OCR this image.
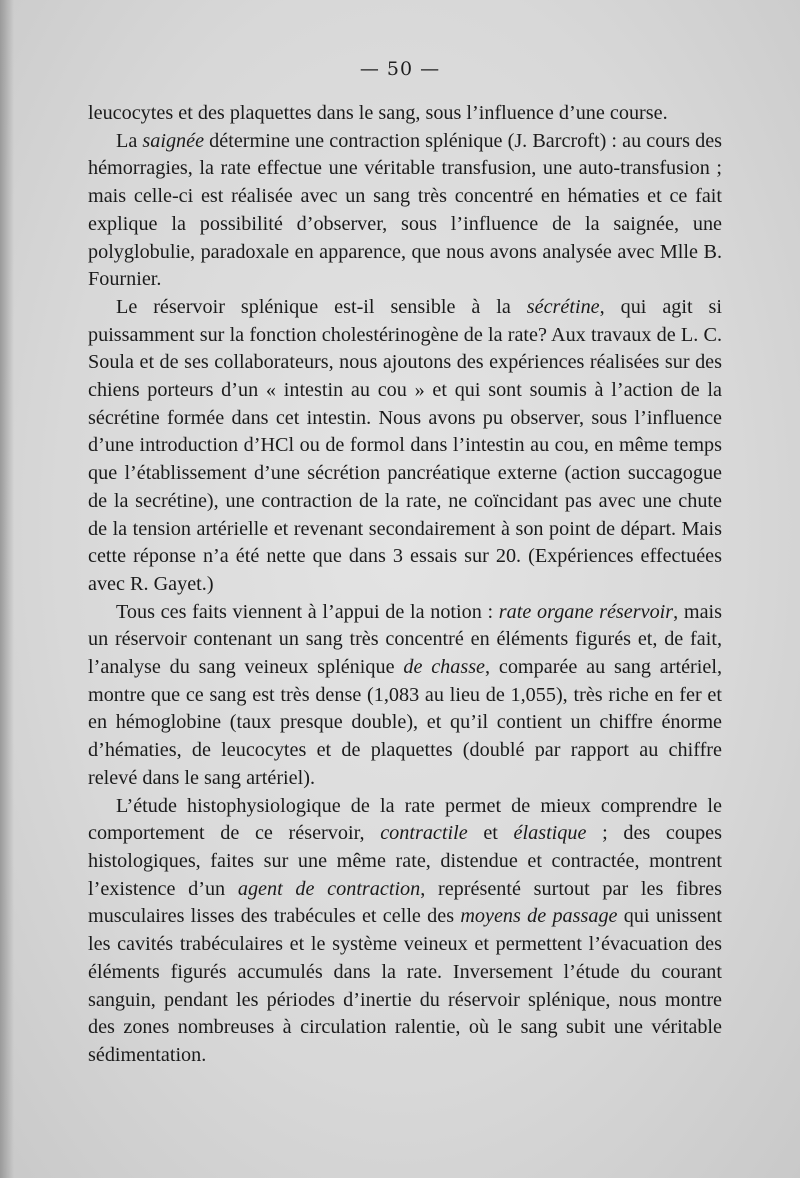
— 50 —

leucocytes et des plaquettes dans le sang, sous l’influence d’une course.

La saignée détermine une contraction splénique (J. Barcroft) : au cours des hémorragies, la rate effectue une véritable transfusion, une auto-transfusion ; mais celle-ci est réalisée avec un sang très concentré en hématies et ce fait explique la possibilité d’observer, sous l’influence de la saignée, une polyglobulie, paradoxale en apparence, que nous avons analysée avec Mlle B. Fournier.

Le réservoir splénique est-il sensible à la sécrétine, qui agit si puissamment sur la fonction cholestérinogène de la rate? Aux travaux de L. C. Soula et de ses collaborateurs, nous ajoutons des expériences réalisées sur des chiens porteurs d’un « intestin au cou » et qui sont soumis à l’action de la sécrétine formée dans cet intestin. Nous avons pu observer, sous l’influence d’une introduction d’HCl ou de formol dans l’intestin au cou, en même temps que l’établissement d’une sécrétion pancréatique externe (action succagogue de la secrétine), une contraction de la rate, ne coïncidant pas avec une chute de la tension artérielle et revenant secondairement à son point de départ. Mais cette réponse n’a été nette que dans 3 essais sur 20. (Expériences effectuées avec R. Gayet.)

Tous ces faits viennent à l’appui de la notion : rate organe réservoir, mais un réservoir contenant un sang très concentré en éléments figurés et, de fait, l’analyse du sang veineux splénique de chasse, comparée au sang artériel, montre que ce sang est très dense (1,083 au lieu de 1,055), très riche en fer et en hémoglobine (taux presque double), et qu’il contient un chiffre énorme d’hématies, de leucocytes et de plaquettes (doublé par rapport au chiffre relevé dans le sang artériel).

L’étude histophysiologique de la rate permet de mieux comprendre le comportement de ce réservoir, contractile et élastique ; des coupes histologiques, faites sur une même rate, distendue et contractée, montrent l’existence d’un agent de contraction, représenté surtout par les fibres musculaires lisses des trabécules et celle des moyens de passage qui unissent les cavités trabéculaires et le système veineux et permettent l’évacuation des éléments figurés accumulés dans la rate. Inversement l’étude du courant sanguin, pendant les périodes d’inertie du réservoir splénique, nous montre des zones nombreuses à circulation ralentie, où le sang subit une véritable sédimentation.
